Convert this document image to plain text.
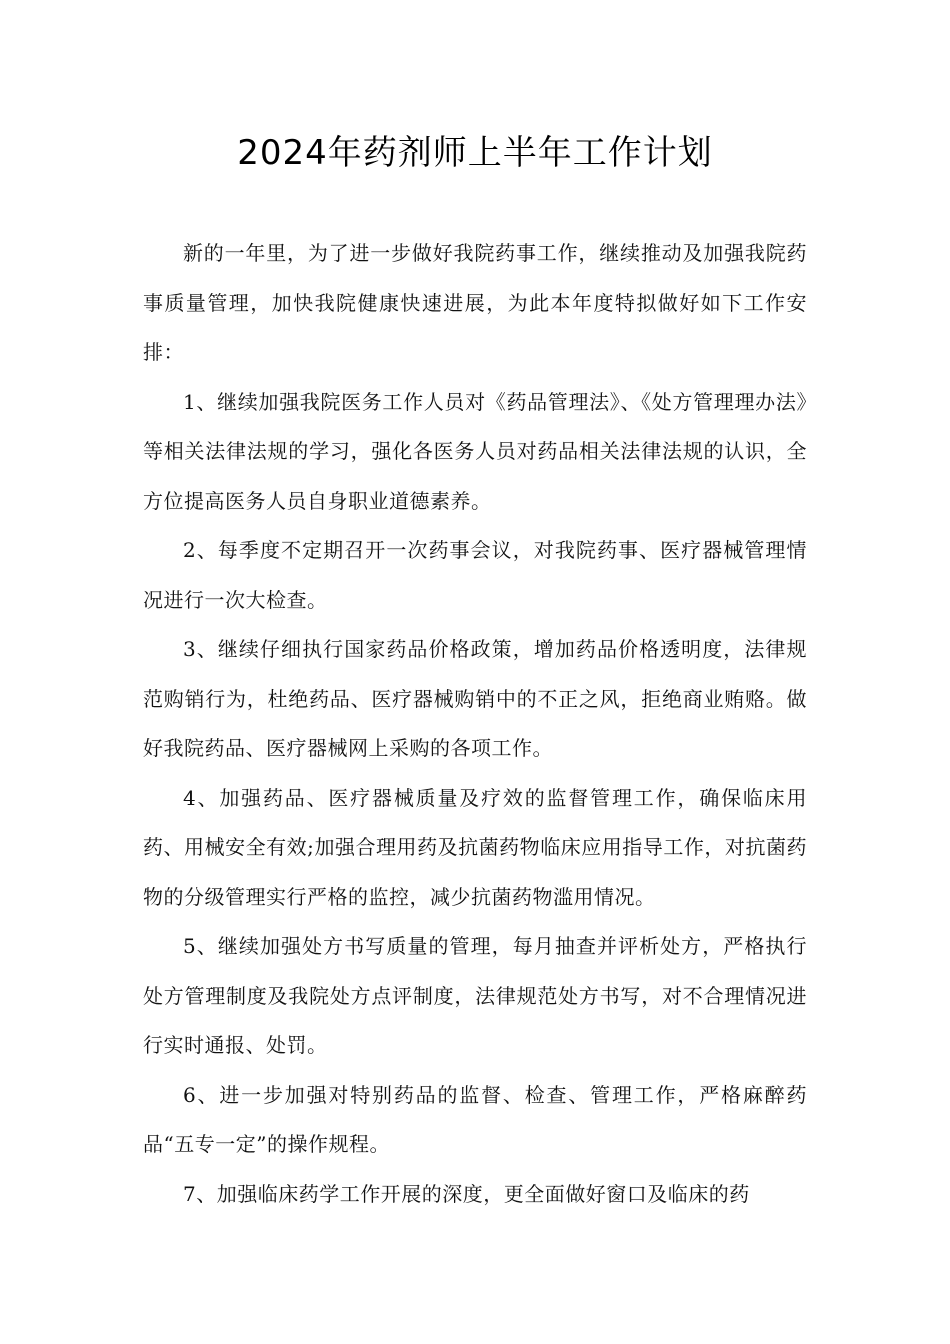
2024年药剂师上半年工作计划

新的一年里，为了进一步做好我院药事工作，继续推动及加强我院药事质量管理，加快我院健康快速进展，为此本年度特拟做好如下工作安排：

1、继续加强我院医务工作人员对《药品管理法》、《处方管理理办法》等相关法律法规的学习，强化各医务人员对药品相关法律法规的认识，全方位提高医务人员自身职业道德素养。

2、每季度不定期召开一次药事会议，对我院药事、医疗器械管理情况进行一次大检查。

3、继续仔细执行国家药品价格政策，增加药品价格透明度，法律规范购销行为，杜绝药品、医疗器械购销中的不正之风，拒绝商业贿赂。做好我院药品、医疗器械网上采购的各项工作。

4、加强药品、医疗器械质量及疗效的监督管理工作，确保临床用药、用械安全有效;加强合理用药及抗菌药物临床应用指导工作，对抗菌药物的分级管理实行严格的监控，减少抗菌药物滥用情况。

5、继续加强处方书写质量的管理，每月抽查并评析处方，严格执行处方管理制度及我院处方点评制度，法律规范处方书写，对不合理情况进行实时通报、处罚。

6、进一步加强对特别药品的监督、检查、管理工作，严格麻醉药品“五专一定”的操作规程。

7、加强临床药学工作开展的深度，更全面做好窗口及临床的药
